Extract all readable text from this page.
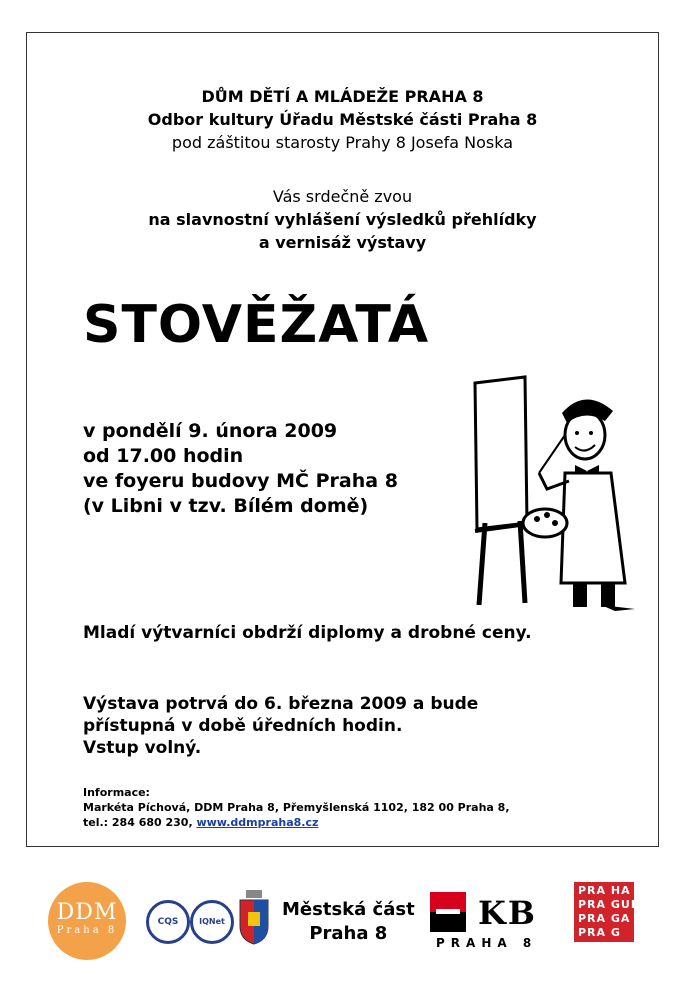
DŮM DĚTÍ A MLÁDEŽE PRAHA 8
Odbor kultury Úřadu Městské části Praha 8
pod záštitou starosty Prahy 8 Josefa Noska
Vás srdečně zvou
na slavnostní vyhlášení výsledků přehlídky
a vernisáž výstavy
STOVĚŽATÁ
v pondělí 9. února 2009
od 17.00 hodin
ve foyeru budovy MČ Praha 8
(v Libni v tzv. Bílém domě)
Mladí výtvarníci obdrží diplomy a drobné ceny.
Výstava potrvá do 6. března 2009 a bude
přístupná v době úředních hodin.
Vstup volný.
Informace:
Markéta Píchová, DDM Praha 8, Přemyšlenská 1102, 182 00 Praha 8,
tel.: 284 680 230, www.ddmpraha8.cz
DDM
Praha 8
CQS	IQNet
Městská část
Praha 8
KB
PRAHA 8
PRA HA
PRA GUE
PRA GA
PRA G
